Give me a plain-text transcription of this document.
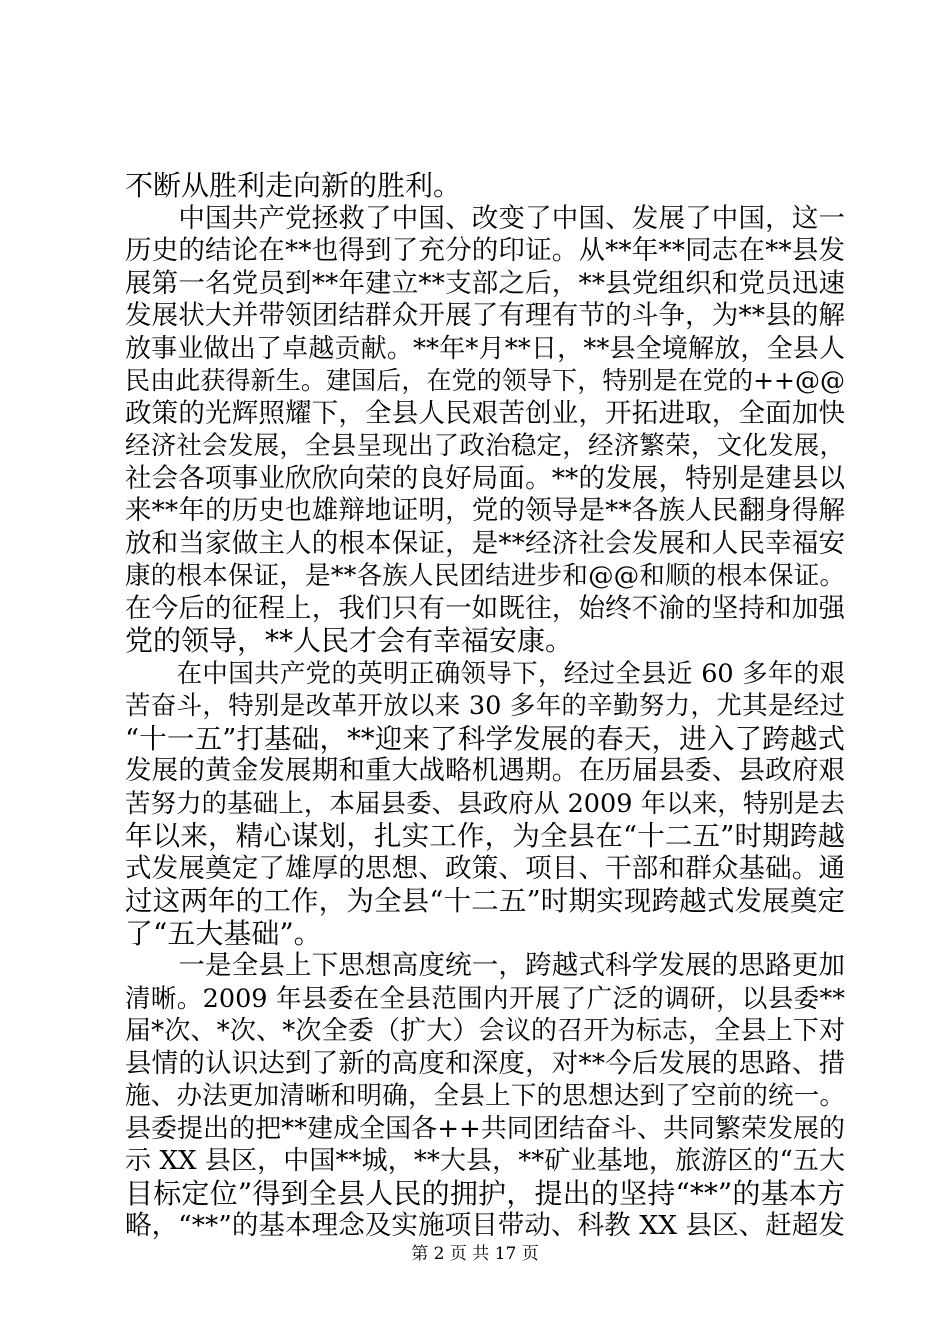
不断从胜利走向新的胜利。
　　中国共产党拯救了中国、改变了中国、发展了中国，这一
历史的结论在**也得到了充分的印证。从**年**同志在**县发
展第一名党员到**年建立**支部之后，**县党组织和党员迅速
发展状大并带领团结群众开展了有理有节的斗争，为**县的解
放事业做出了卓越贡献。**年*月**日，**县全境解放，全县人
民由此获得新生。建国后，在党的领导下，特别是在党的++@@
政策的光辉照耀下，全县人民艰苦创业，开拓进取，全面加快
经济社会发展，全县呈现出了政治稳定，经济繁荣，文化发展，
社会各项事业欣欣向荣的良好局面。**的发展，特别是建县以
来**年的历史也雄辩地证明，党的领导是**各族人民翻身得解
放和当家做主人的根本保证，是**经济社会发展和人民幸福安
康的根本保证，是**各族人民团结进步和@@和顺的根本保证。
在今后的征程上，我们只有一如既往，始终不渝的坚持和加强
党的领导，**人民才会有幸福安康。
　　在中国共产党的英明正确领导下，经过全县近 60 多年的艰
苦奋斗，特别是改革开放以来 30 多年的辛勤努力，尤其是经过
“十一五”打基础，**迎来了科学发展的春天，进入了跨越式
发展的黄金发展期和重大战略机遇期。在历届县委、县政府艰
苦努力的基础上，本届县委、县政府从 2009 年以来，特别是去
年以来，精心谋划，扎实工作，为全县在“十二五”时期跨越
式发展奠定了雄厚的思想、政策、项目、干部和群众基础。通
过这两年的工作，为全县“十二五”时期实现跨越式发展奠定
了“五大基础”。
　　一是全县上下思想高度统一，跨越式科学发展的思路更加
清晰。2009 年县委在全县范围内开展了广泛的调研，以县委**
届*次、*次、*次全委（扩大）会议的召开为标志，全县上下对
县情的认识达到了新的高度和深度，对**今后发展的思路、措
施、办法更加清晰和明确，全县上下的思想达到了空前的统一。
县委提出的把**建成全国各++共同团结奋斗、共同繁荣发展的
示 XX 县区，中国**城，**大县，**矿业基地，旅游区的“五大
目标定位”得到全县人民的拥护，提出的坚持“**”的基本方
略，“**”的基本理念及实施项目带动、科教 XX 县区、赶超发
第 2 页 共 17 页
